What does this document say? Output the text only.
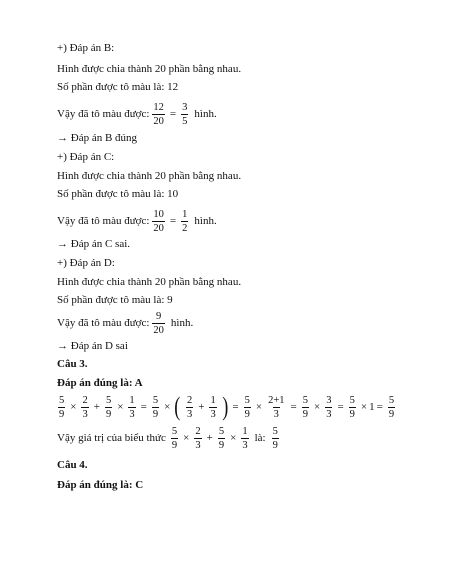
+) Đáp án B:
Hình được chia thành 20 phần bằng nhau.
Số phần được tô màu là: 12
Vậy đã tô màu được: $\frac{12}{20} = \frac{3}{5}$ hình.
→ Đáp án B đúng
+) Đáp án C:
Hình được chia thành 20 phần bằng nhau.
Số phần được tô màu là: 10
Vậy đã tô màu được: $\frac{10}{20} = \frac{1}{2}$ hình.
→ Đáp án C sai.
+) Đáp án D:
Hình được chia thành 20 phần bằng nhau.
Số phần được tô màu là: 9
Vậy đã tô màu được: $\frac{9}{20}$ hình.
→ Đáp án D sai
Câu 3.
Đáp án đúng là: A
$\frac{5}{9} \times \frac{2}{3} + \frac{5}{9} \times \frac{1}{3} = \frac{5}{9}$ × ( $\frac{2}{3} + \frac{1}{3}$ ) = $\frac{5}{9} \times \frac{2+1}{3} = \frac{5}{9} \times \frac{3}{3} = \frac{5}{9} \times 1 = \frac{5}{9}$
Vậy giá trị của biểu thức $\frac{5}{9} \times \frac{2}{3} + \frac{5}{9} \times \frac{1}{3}$ là: $\frac{5}{9}$
Câu 4.
Đáp án đúng là: C
